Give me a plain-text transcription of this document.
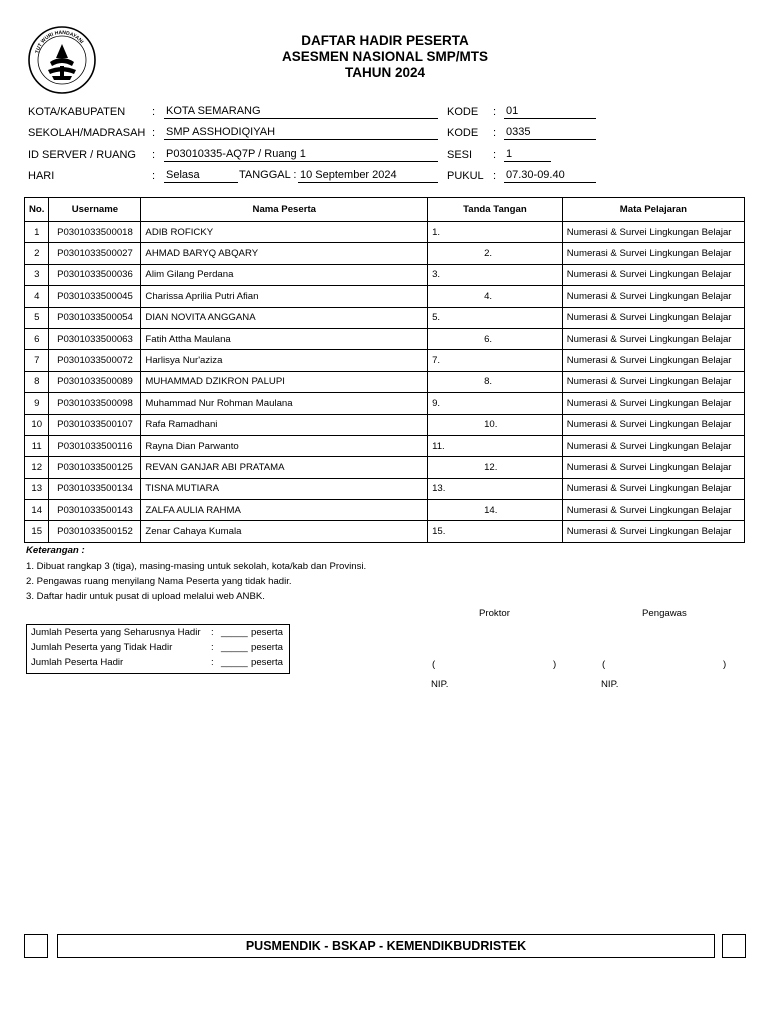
TUT WURI HANDAYANI	DAFTAR HADIR PESERTA
ASESMEN NASIONAL SMP/MTS
TAHUN 2024
KOTA/KABUPATEN : KOTA SEMARANG
SEKOLAH/MADRASAH : SMP ASSHODIQIYAH
ID SERVER / RUANG : P03010335-AQ7P / Ruang 1
HARI	: Selasa	TANGGAL : 10 September 2024
KODE : 01
KODE : 0335
SESI : 1
PUKUL : 07.30-09.40
No.	Username	Nama Peserta	Tanda Tangan	Mata Pelajaran
1	P0301033500018	ADIB ROFICKY	1.	Numerasi & Survei Lingkungan Belajar
2	P0301033500027	AHMAD BARYQ ABQARY	2.	Numerasi & Survei Lingkungan Belajar
3	P0301033500036	Alim Gilang Perdana	3.	Numerasi & Survei Lingkungan Belajar
4	P0301033500045	Charissa Aprilia Putri Afian	4.	Numerasi & Survei Lingkungan Belajar
5	P0301033500054	DIAN NOVITA ANGGANA	5.	Numerasi & Survei Lingkungan Belajar
6	P0301033500063	Fatih Attha Maulana	6.	Numerasi & Survei Lingkungan Belajar
7	P0301033500072	Harlisya Nur'aziza	7.	Numerasi & Survei Lingkungan Belajar
8	P0301033500089	MUHAMMAD DZIKRON PALUPI	8.	Numerasi & Survei Lingkungan Belajar
9	P0301033500098	Muhammad Nur Rohman Maulana	9.	Numerasi & Survei Lingkungan Belajar
10	P0301033500107	Rafa Ramadhani	10.	Numerasi & Survei Lingkungan Belajar
11	P0301033500116	Rayna Dian Parwanto	11.	Numerasi & Survei Lingkungan Belajar
12	P0301033500125	REVAN GANJAR ABI PRATAMA	12.	Numerasi & Survei Lingkungan Belajar
13	P0301033500134	TISNA MUTIARA	13.	Numerasi & Survei Lingkungan Belajar
14	P0301033500143	ZALFA AULIA RAHMA	14.	Numerasi & Survei Lingkungan Belajar
15	P0301033500152	Zenar Cahaya Kumala	15.	Numerasi & Survei Lingkungan Belajar
Keterangan :
1. Dibuat rangkap 3 (tiga), masing-masing untuk sekolah, kota/kab dan Provinsi.
2. Pengawas ruang menyilang Nama Peserta yang tidak hadir.
3. Daftar hadir untuk pusat di upload melalui web ANBK.
Proktor	Pengawas
Jumlah Peserta yang Seharusnya Hadir : _____ peserta
Jumlah Peserta yang Tidak Hadir	: _____ peserta
Jumlah Peserta Hadir	: _____ peserta	(	)	(	)
NIP.	NIP.
PUSMENDIK - BSKAP - KEMENDIKBUDRISTEK
